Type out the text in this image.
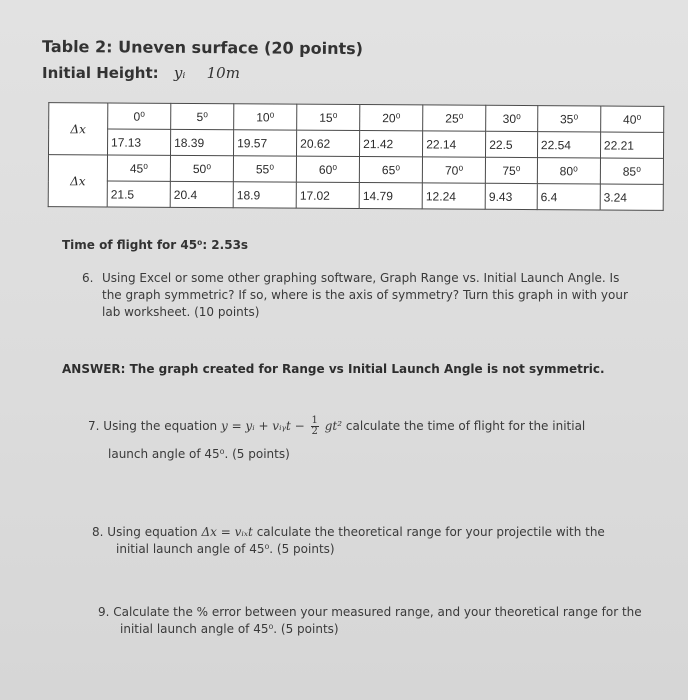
Table 2: Uneven surface (20 points)
Initial Height: yᵢ 10m
Δx	0⁰	5⁰	10⁰	15⁰	20⁰	25⁰	30⁰	35⁰	40⁰
	17.13	18.39	19.57	20.62	21.42	22.14	22.5	22.54	22.21
Δx	45⁰	50⁰	55⁰	60⁰	65⁰	70⁰	75⁰	80⁰	85⁰
	21.5	20.4	18.9	17.02	14.79	12.24	9.43	6.4	3.24
Time of flight for 45⁰: 2.53s
6. Using Excel or some other graphing software, Graph Range vs. Initial Launch Angle. Is the graph symmetric? If so, where is the axis of symmetry? Turn this graph in with your lab worksheet. (10 points)
ANSWER: The graph created for Range vs Initial Launch Angle is not symmetric.
7. Using the equation y = yᵢ + vᵢᵧt − $\frac{1}{2} gt^2$ calculate the time of flight for the initial
launch angle of 45⁰. (5 points)
8. Using equation Δx = vᵢₓt calculate the theoretical range for your projectile with the
initial launch angle of 45⁰. (5 points)
9. Calculate the % error between your measured range, and your theoretical range for the
initial launch angle of 45⁰. (5 points)
